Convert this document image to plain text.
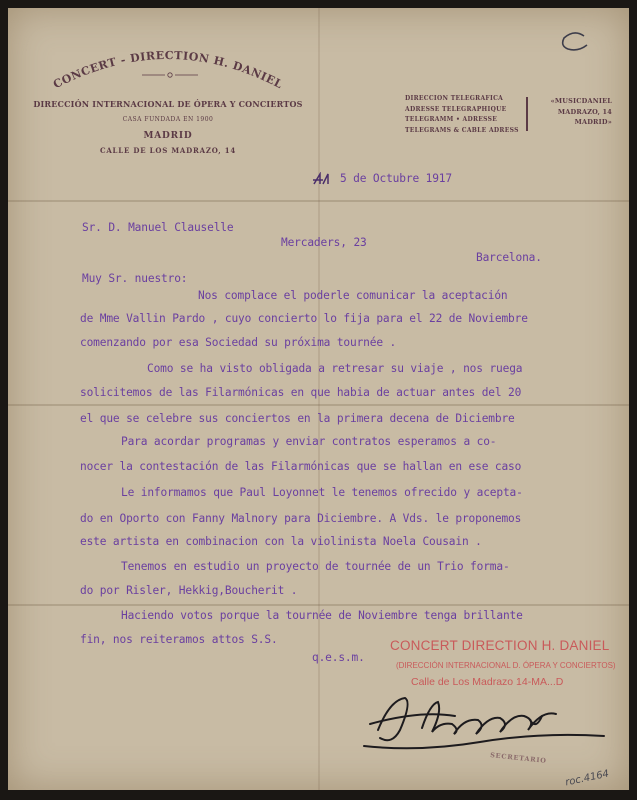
CONCERT - DIRECTION H. DANIEL
DIRECCIÓN INTERNACIONAL DE ÓPERA Y CONCIERTOS
CASA FUNDADA EN 1900
MADRID
CALLE DE LOS MADRAZO, 14
DIRECCION TELEGRAFICA
ADRESSE TELEGRAPHIQUE
TELEGRAMM • ADRESSE
TELEGRAMS & CABLE ADRESS
«MUSICDANIEL
MADRAZO, 14
MADRID»
5 de Octubre 1917
Sr. D. Manuel Clauselle
Mercaders, 23
Barcelona.
Muy Sr. nuestro:
Nos complace el poderle comunicar la aceptación
de Mme Vallin Pardo , cuyo concierto lo fija para el 22 de Noviembre
comenzando por esa Sociedad su próxima tournée .
Como se ha visto obligada a retresar su viaje , nos ruega
solicitemos de las Filarmónicas en que habia de actuar antes del 20
el que se celebre sus conciertos en la primera decena de Diciembre
Para acordar programas y enviar contratos esperamos a co-
nocer la contestación de las Filarmónicas que se hallan en ese caso
Le informamos que Paul Loyonnet le tenemos ofrecido y acepta-
do en Oporto con Fanny Malnory para Diciembre. A Vds. le proponemos
este artista en combinacion con la violinista Noela Cousain .
Tenemos en estudio un proyecto de tournée de un Trio forma-
do por Risler, Hekkig,Boucherit .
Haciendo votos porque la tournée de Noviembre tenga brillante
fin, nos reiteramos attos S.S.
q.e.s.m.
CONCERT DIRECTION H. DANIEL
(DIRECCIÓN INTERNACIONAL D. ÓPERA Y CONCIERTOS)
Calle de Los Madrazo 14-MA...D
SECRETARIO
roc.4164
